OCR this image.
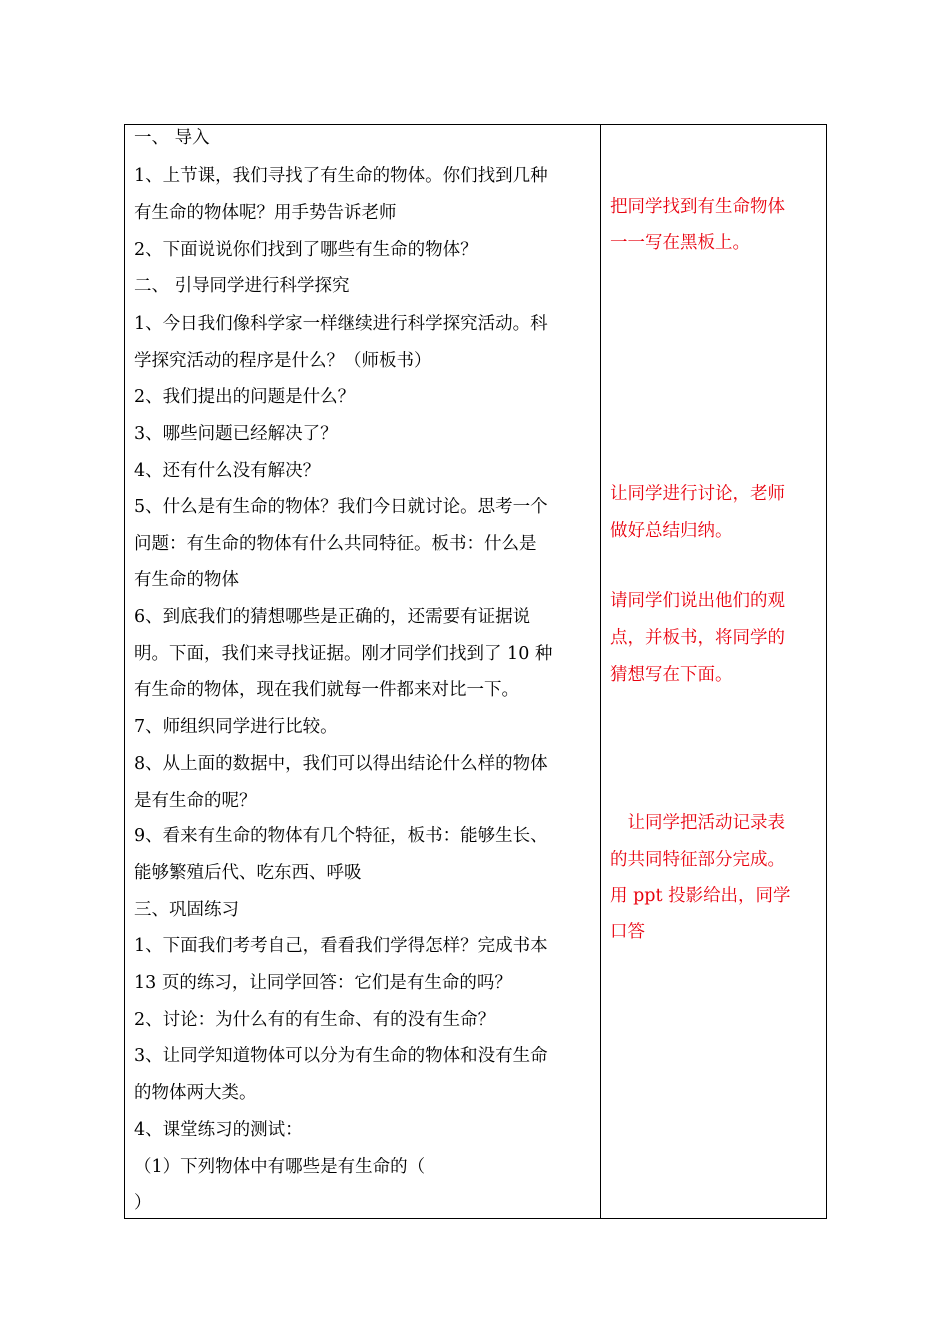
一、 导入
1、上节课，我们寻找了有生命的物体。你们找到几种
有生命的物体呢？用手势告诉老师
2、下面说说你们找到了哪些有生命的物体？
二、 引导同学进行科学探究
1、今日我们像科学家一样继续进行科学探究活动。科
学探究活动的程序是什么？（师板书）
2、我们提出的问题是什么？
3、哪些问题已经解决了？
4、还有什么没有解决？
5、什么是有生命的物体？我们今日就讨论。思考一个
问题：有生命的物体有什么共同特征。板书：什么是
有生命的物体
6、到底我们的猜想哪些是正确的，还需要有证据说
明。下面，我们来寻找证据。刚才同学们找到了 10 种
有生命的物体，现在我们就每一件都来对比一下。
7、师组织同学进行比较。
8、从上面的数据中，我们可以得出结论什么样的物体
是有生命的呢？
9、看来有生命的物体有几个特征，板书：能够生长、
能够繁殖后代、吃东西、呼吸
三、巩固练习
1、下面我们考考自己，看看我们学得怎样？完成书本
13 页的练习，让同学回答：它们是有生命的吗？
2、讨论：为什么有的有生命、有的没有生命？
3、让同学知道物体可以分为有生命的物体和没有生命
的物体两大类。
4、课堂练习的测试：
（1）下列物体中有哪些是有生命的（
）
把同学找到有生命物体
一一写在黑板上。
让同学进行讨论，老师
做好总结归纳。
请同学们说出他们的观
点，并板书，将同学的
猜想写在下面。
　让同学把活动记录表
的共同特征部分完成。
用 ppt 投影给出，同学
口答
